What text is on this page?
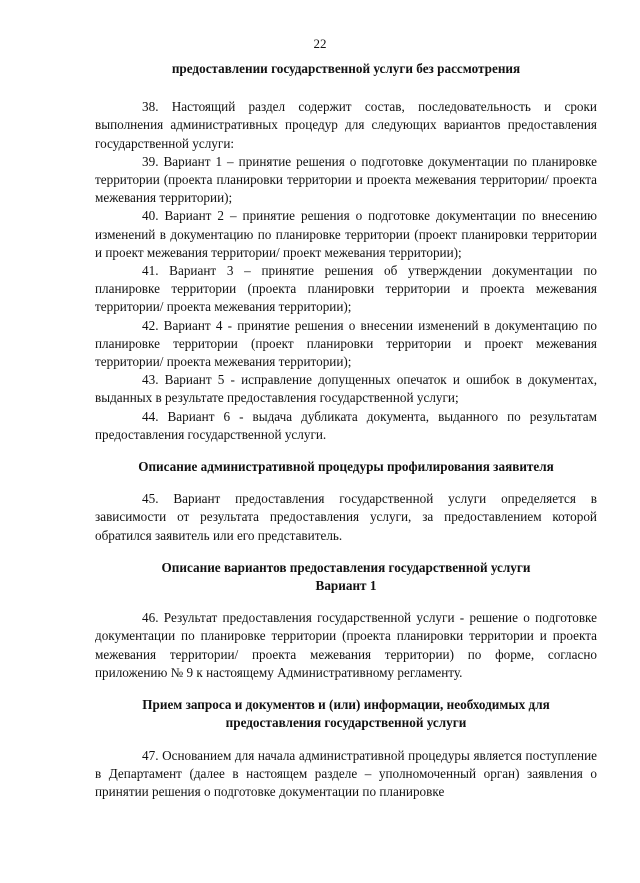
22

предоставлении государственной услуги без рассмотрения

38. Настоящий раздел содержит состав, последовательность и сроки выполнения административных процедур для следующих вариантов предоставления государственной услуги:

39. Вариант 1 – принятие решения о подготовке документации по планировке территории (проекта планировки территории и проекта межевания территории/ проекта межевания территории);

40. Вариант 2 – принятие решения о подготовке документации по внесению изменений в документацию по планировке территории (проект планировки территории и проект межевания территории/ проект межевания территории);

41. Вариант 3 – принятие решения об утверждении документации по планировке территории (проекта планировки территории и проекта межевания территории/ проекта межевания территории);

42. Вариант 4 - принятие решения о внесении изменений в документацию по планировке территории (проект планировки территории и проект межевания территории/ проекта межевания территории);

43. Вариант 5 - исправление допущенных опечаток и ошибок в документах, выданных в результате предоставления государственной услуги;

44. Вариант 6 - выдача дубликата документа, выданного по результатам предоставления государственной услуги.

Описание административной процедуры профилирования заявителя

45. Вариант предоставления государственной услуги определяется в зависимости от результата предоставления услуги, за предоставлением которой обратился заявитель или его представитель.

Описание вариантов предоставления государственной услуги

Вариант 1

46. Результат предоставления государственной услуги - решение о подготовке документации по планировке территории (проекта планировки территории и проекта межевания территории/ проекта межевания территории) по форме, согласно приложению № 9 к настоящему Административному регламенту.

Прием запроса и документов и (или) информации, необходимых для

предоставления государственной услуги

47. Основанием для начала административной процедуры является поступление в Департамент (далее в настоящем разделе – уполномоченный орган) заявления о принятии решения о подготовке документации по планировке
